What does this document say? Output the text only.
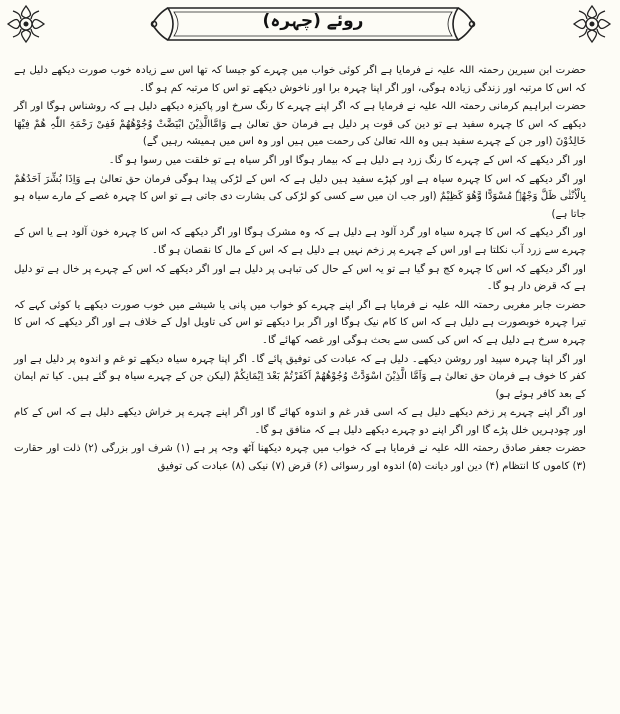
روئے (چہرہ)

حضرت ابن سیرین رحمتہ اللہ علیہ نے فرمایا ہے اگر کوئی خواب میں چہرے کو جیسا کہ تھا اس سے زیادہ خوب صورت دیکھے دلیل ہے کہ اس کا مرتبہ اور زندگی زیادہ ہوگی، اور اگر اپنا چہرہ برا اور ناخوش دیکھے تو اس کا مرتبہ کم ہو گا۔

حضرت ابراہیم کرمانی رحمتہ اللہ علیہ نے فرمایا ہے کہ اگر اپنے چہرے کا رنگ سرخ اور پاکیزہ دیکھے دلیل ہے کہ روشناس ہوگا اور اگر دیکھے کہ اس کا چہرہ سفید ہے تو دین کی قوت پر دلیل ہے فرمان حق تعالیٰ ہے وَامَّاالَّذِیْنَ ابْیَضَّتْ وُجُوْھُھُمْ فَفِیْ رَحْمَۃِ اللّٰہِ ھُمْ فِیْھَا خَالِدُوْنَ (اور جن کے چہرے سفید ہیں وہ اللہ تعالیٰ کی رحمت میں ہیں اور وہ اس میں ہمیشہ رہیں گے)

اور اگر دیکھے کہ اس کے چہرے کا رنگ زرد ہے دلیل ہے کہ بیمار ہوگا اور اگر سیاہ ہے تو خلقت میں رسوا ہو گا۔

اور اگر دیکھے کہ اس کا چہرہ سیاہ ہے اور کپڑے سفید ہیں دلیل ہے کہ اس کے لڑکی پیدا ہوگی فرمان حق تعالیٰ ہے وَاِذَا بُشِّرَ اَحَدُھُمْ بِالْاُنْثٰی ظَلَّ وَجْھُہٗ مُسْوَدًّا وَّھُوَ کَظِیْمٌ (اور جب ان میں سے کسی کو لڑکی کی بشارت دی جاتی ہے تو اس کا چہرہ غصے کے مارے سیاہ ہو جاتا ہے)

اور اگر دیکھے کہ اس کا چہرہ سیاہ اور گرد آلود ہے دلیل ہے کہ وہ مشرک ہوگا اور اگر دیکھے کہ اس کا چہرہ خون آلود ہے یا اس کے چہرے سے زرد آب نکلتا ہے اور اس کے چہرے پر زخم نہیں ہے دلیل ہے کہ اس کے مال کا نقصان ہو گا۔

اور اگر دیکھے کہ اس کا چہرہ کج ہو گیا ہے تو یہ اس کے حال کی تباہی پر دلیل ہے اور اگر دیکھے کہ اس کے چہرے پر خال ہے تو دلیل ہے کہ قرض دار ہو گا۔

حضرت جابر مغربی رحمتہ اللہ علیہ نے فرمایا ہے اگر اپنے چہرے کو خواب میں پانی یا شیشے میں خوب صورت دیکھے یا کوئی کہے کہ تیرا چہرہ خوبصورت ہے دلیل ہے کہ اس کا کام نیک ہوگا اور اگر برا دیکھے تو اس کی تاویل اول کے خلاف ہے اور اگر دیکھے کہ اس کا چہرہ سرخ ہے دلیل ہے کہ اس کی کسی سے بحث ہوگی اور غصہ کھائے گا۔

اور اگر اپنا چہرہ سپید اور روشن دیکھے۔ دلیل ہے کہ عبادت کی توفیق پائے گا۔ اگر اپنا چہرہ سیاہ دیکھے تو غم و اندوہ پر دلیل ہے اور کفر کا خوف ہے فرمان حق تعالیٰ ہے وَاَمَّا الَّذِیْنَ اسْوَدَّتْ وُجُوْھُھُمْ اَکَفَرْتُمْ بَعْدَ اِیْمَانِکُمْ (لیکن جن کے چہرے سیاہ ہو گئے ہیں۔ کیا تم ایمان کے بعد کافر ہوئے ہو)

اور اگر اپنے چہرے پر زخم دیکھے دلیل ہے کہ اسی قدر غم و اندوہ کھائے گا اور اگر اپنے چہرے پر خراش دیکھے دلیل ہے کہ اس کے کام اور چودہریں خلل پڑے گا اور اگر اپنے دو چہرے دیکھے دلیل ہے کہ منافق ہو گا۔

حضرت جعفر صادق رحمتہ اللہ علیہ نے فرمایا ہے کہ خواب میں چہرہ دیکھنا آٹھ وجہ پر ہے (۱) شرف اور بزرگی (۲) ذلت اور حقارت (۳) کاموں کا انتظام (۴) دین اور دیانت (۵) اندوہ اور رسوائی (۶) قرض (۷) نیکی (۸) عبادت کی توفیق
